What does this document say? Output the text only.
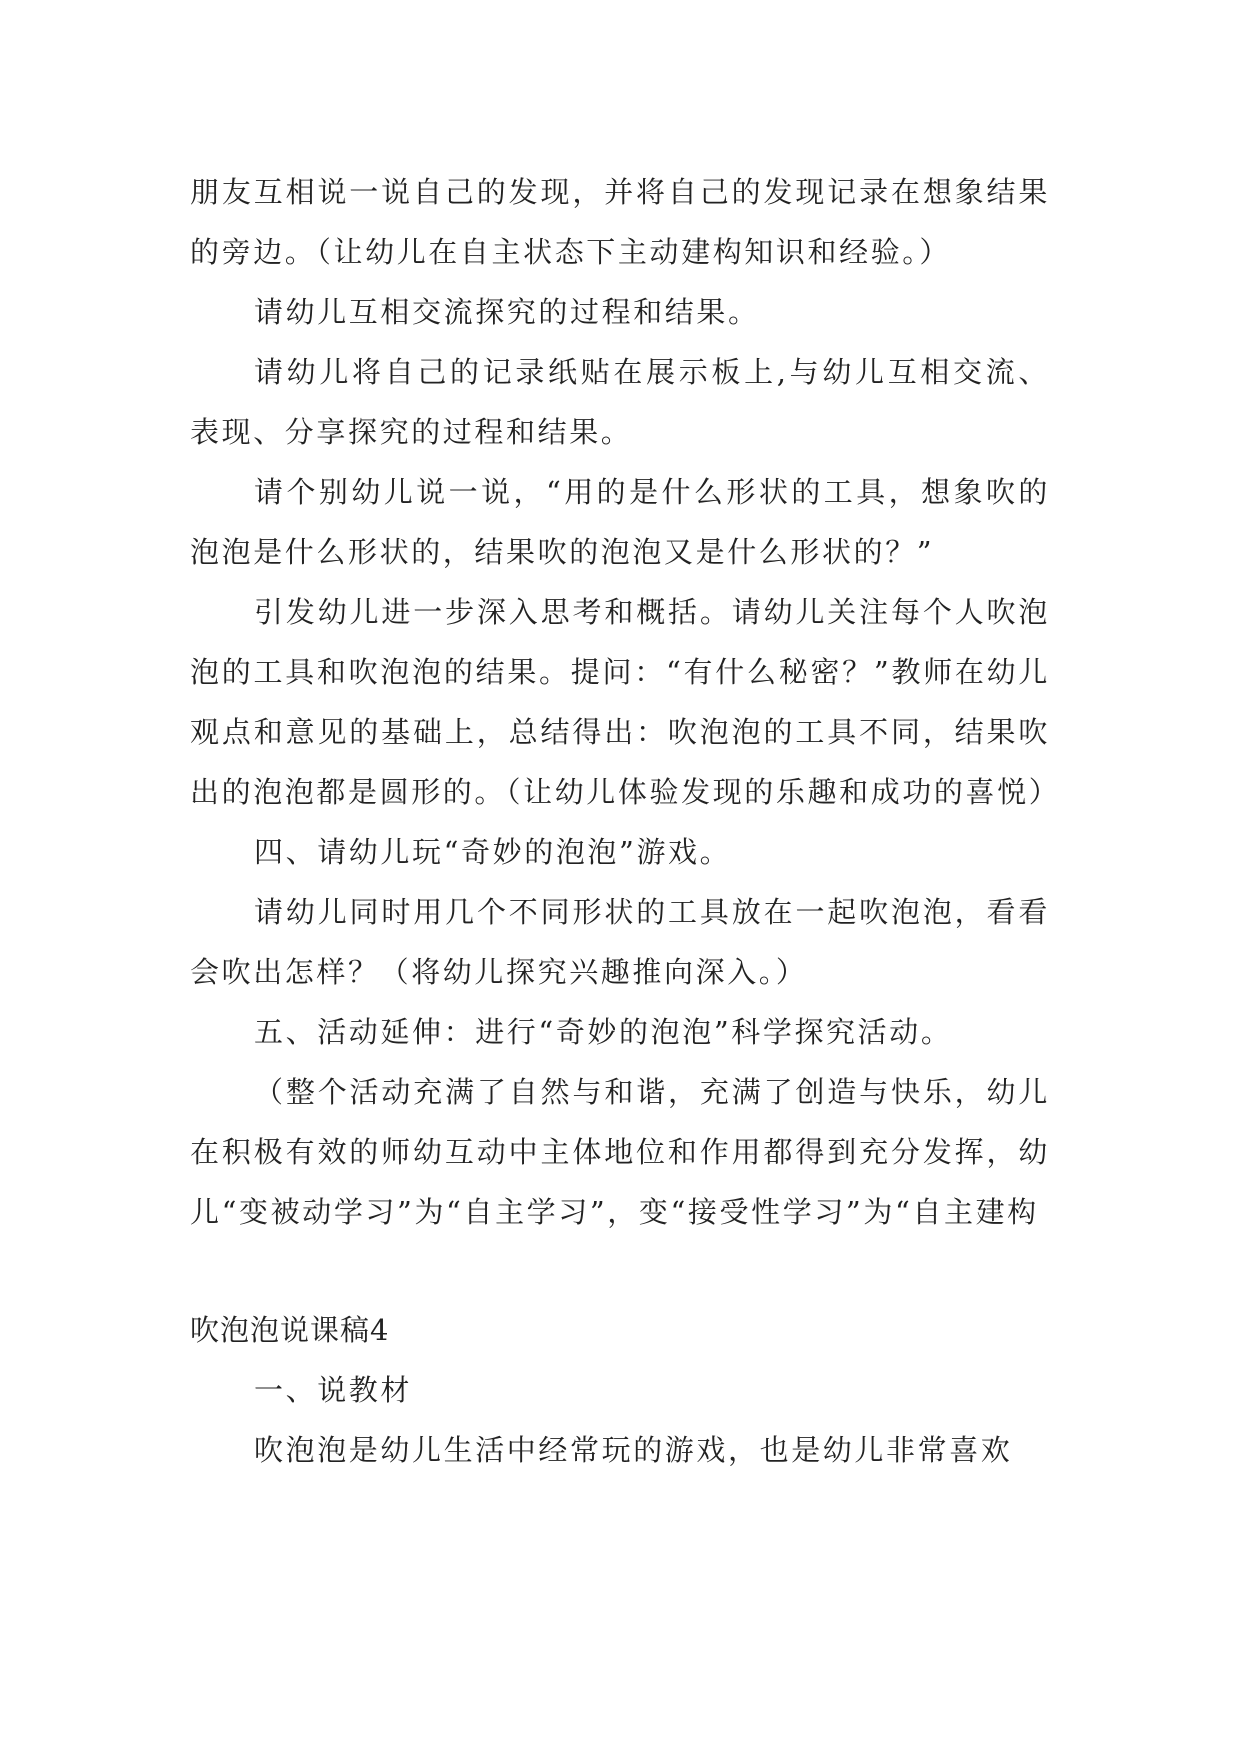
朋友互相说一说自己的发现，并将自己的发现记录在想象结果的旁边。（让幼儿在自主状态下主动建构知识和经验。）

请幼儿互相交流探究的过程和结果。

请幼儿将自己的记录纸贴在展示板上,与幼儿互相交流、表现、分享探究的过程和结果。

请个别幼儿说一说，“用的是什么形状的工具，想象吹的泡泡是什么形状的，结果吹的泡泡又是什么形状的？”

引发幼儿进一步深入思考和概括。请幼儿关注每个人吹泡泡的工具和吹泡泡的结果。提问：“有什么秘密？”教师在幼儿观点和意见的基础上，总结得出：吹泡泡的工具不同，结果吹出的泡泡都是圆形的。（让幼儿体验发现的乐趣和成功的喜悦）

四、请幼儿玩“奇妙的泡泡”游戏。

请幼儿同时用几个不同形状的工具放在一起吹泡泡，看看会吹出怎样？（将幼儿探究兴趣推向深入。）

五、活动延伸：进行“奇妙的泡泡”科学探究活动。

（整个活动充满了自然与和谐，充满了创造与快乐，幼儿在积极有效的师幼互动中主体地位和作用都得到充分发挥，幼儿“变被动学习”为“自主学习”，变“接受性学习”为“自主建构

吹泡泡说课稿4

一、说教材

吹泡泡是幼儿生活中经常玩的游戏，也是幼儿非常喜欢
